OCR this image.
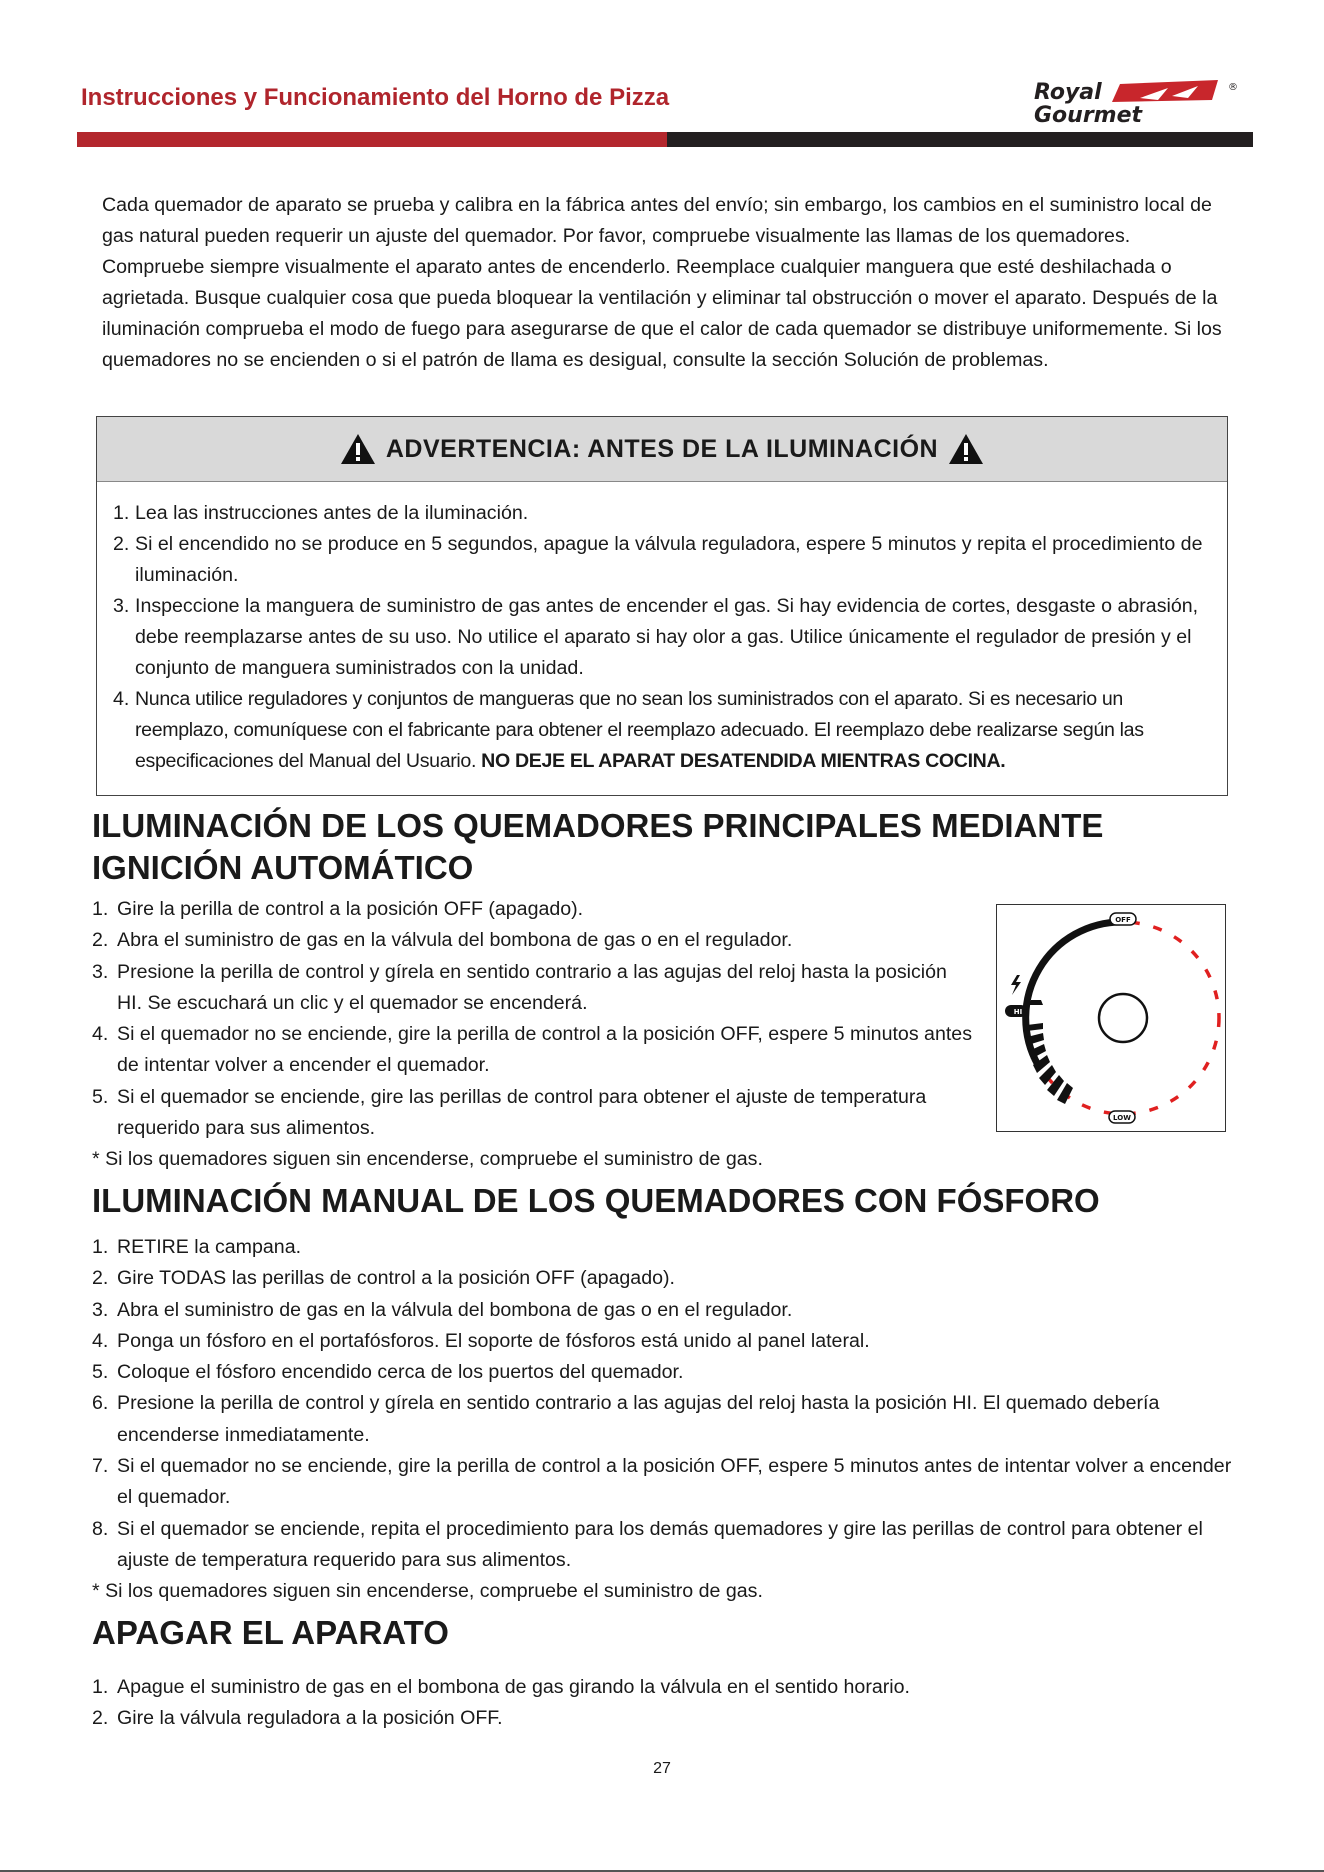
Instrucciones y Funcionamiento del Horno de Pizza	Royal
Gourmet
®

Cada quemador de aparato se prueba y calibra en la fábrica antes del envío; sin embargo, los cambios en el suministro local de gas natural pueden requerir un ajuste del quemador. Por favor, compruebe visualmente las llamas de los quemadores. Compruebe siempre visualmente el aparato antes de encenderlo. Reemplace cualquier manguera que esté deshilachada o agrietada. Busque cualquier cosa que pueda bloquear la ventilación y eliminar tal obstrucción o mover el aparato. Después de la iluminación comprueba el modo de fuego para asegurarse de que el calor de cada quemador se distribuye uniformemente. Si los quemadores no se encienden o si el patrón de llama es desigual, consulte la sección Solución de problemas.

ADVERTENCIA: ANTES DE LA ILUMINACIÓN
1. Lea las instrucciones antes de la iluminación.
2. Si el encendido no se produce en 5 segundos, apague la válvula reguladora, espere 5 minutos y repita el procedimiento de iluminación.
3. Inspeccione la manguera de suministro de gas antes de encender el gas. Si hay evidencia de cortes, desgaste o abrasión, debe reemplazarse antes de su uso. No utilice el aparato si hay olor a gas. Utilice únicamente el regulador de presión y el conjunto de manguera suministrados con la unidad.
4. Nunca utilice reguladores y conjuntos de mangueras que no sean los suministrados con el aparato. Si es necesario un reemplazo, comuníquese con el fabricante para obtener el reemplazo adecuado. El reemplazo debe realizarse según las especificaciones del Manual del Usuario. NO DEJE EL APARAT DESATENDIDA MIENTRAS COCINA.
ILUMINACIÓN DE LOS QUEMADORES PRINCIPALES MEDIANTE IGNICIÓN AUTOMÁTICO
1. Gire la perilla de control a la posición OFF (apagado).
2. Abra el suministro de gas en la válvula del bombona de gas o en el regulador.
3. Presione la perilla de control y gírela en sentido contrario a las agujas del reloj hasta la posición HI. Se escuchará un clic y el quemador se encenderá.
4. Si el quemador no se enciende, gire la perilla de control a la posición OFF, espere 5 minutos antes de intentar volver a encender el quemador.
5. Si el quemador se enciende, gire las perillas de control para obtener el ajuste de temperatura requerido para sus alimentos.
* Si los quemadores siguen sin encenderse, compruebe el suministro de gas.
OFF
HI
LOW
ILUMINACIÓN MANUAL DE LOS QUEMADORES CON FÓSFORO
1. RETIRE la campana.
2. Gire TODAS las perillas de control a la posición OFF (apagado).
3. Abra el suministro de gas en la válvula del bombona de gas o en el regulador.
4. Ponga un fósforo en el portafósforos. El soporte de fósforos está unido al panel lateral.
5. Coloque el fósforo encendido cerca de los puertos del quemador.
6. Presione la perilla de control y gírela en sentido contrario a las agujas del reloj hasta la posición HI. El quemado debería encenderse inmediatamente.
7. Si el quemador no se enciende, gire la perilla de control a la posición OFF, espere 5 minutos antes de intentar volver a encender el quemador.
8. Si el quemador se enciende, repita el procedimiento para los demás quemadores y gire las perillas de control para obtener el ajuste de temperatura requerido para sus alimentos.
* Si los quemadores siguen sin encenderse, compruebe el suministro de gas.
APAGAR EL APARATO
1. Apague el suministro de gas en el bombona de gas girando la válvula en el sentido horario.
2. Gire la válvula reguladora a la posición OFF.
27
